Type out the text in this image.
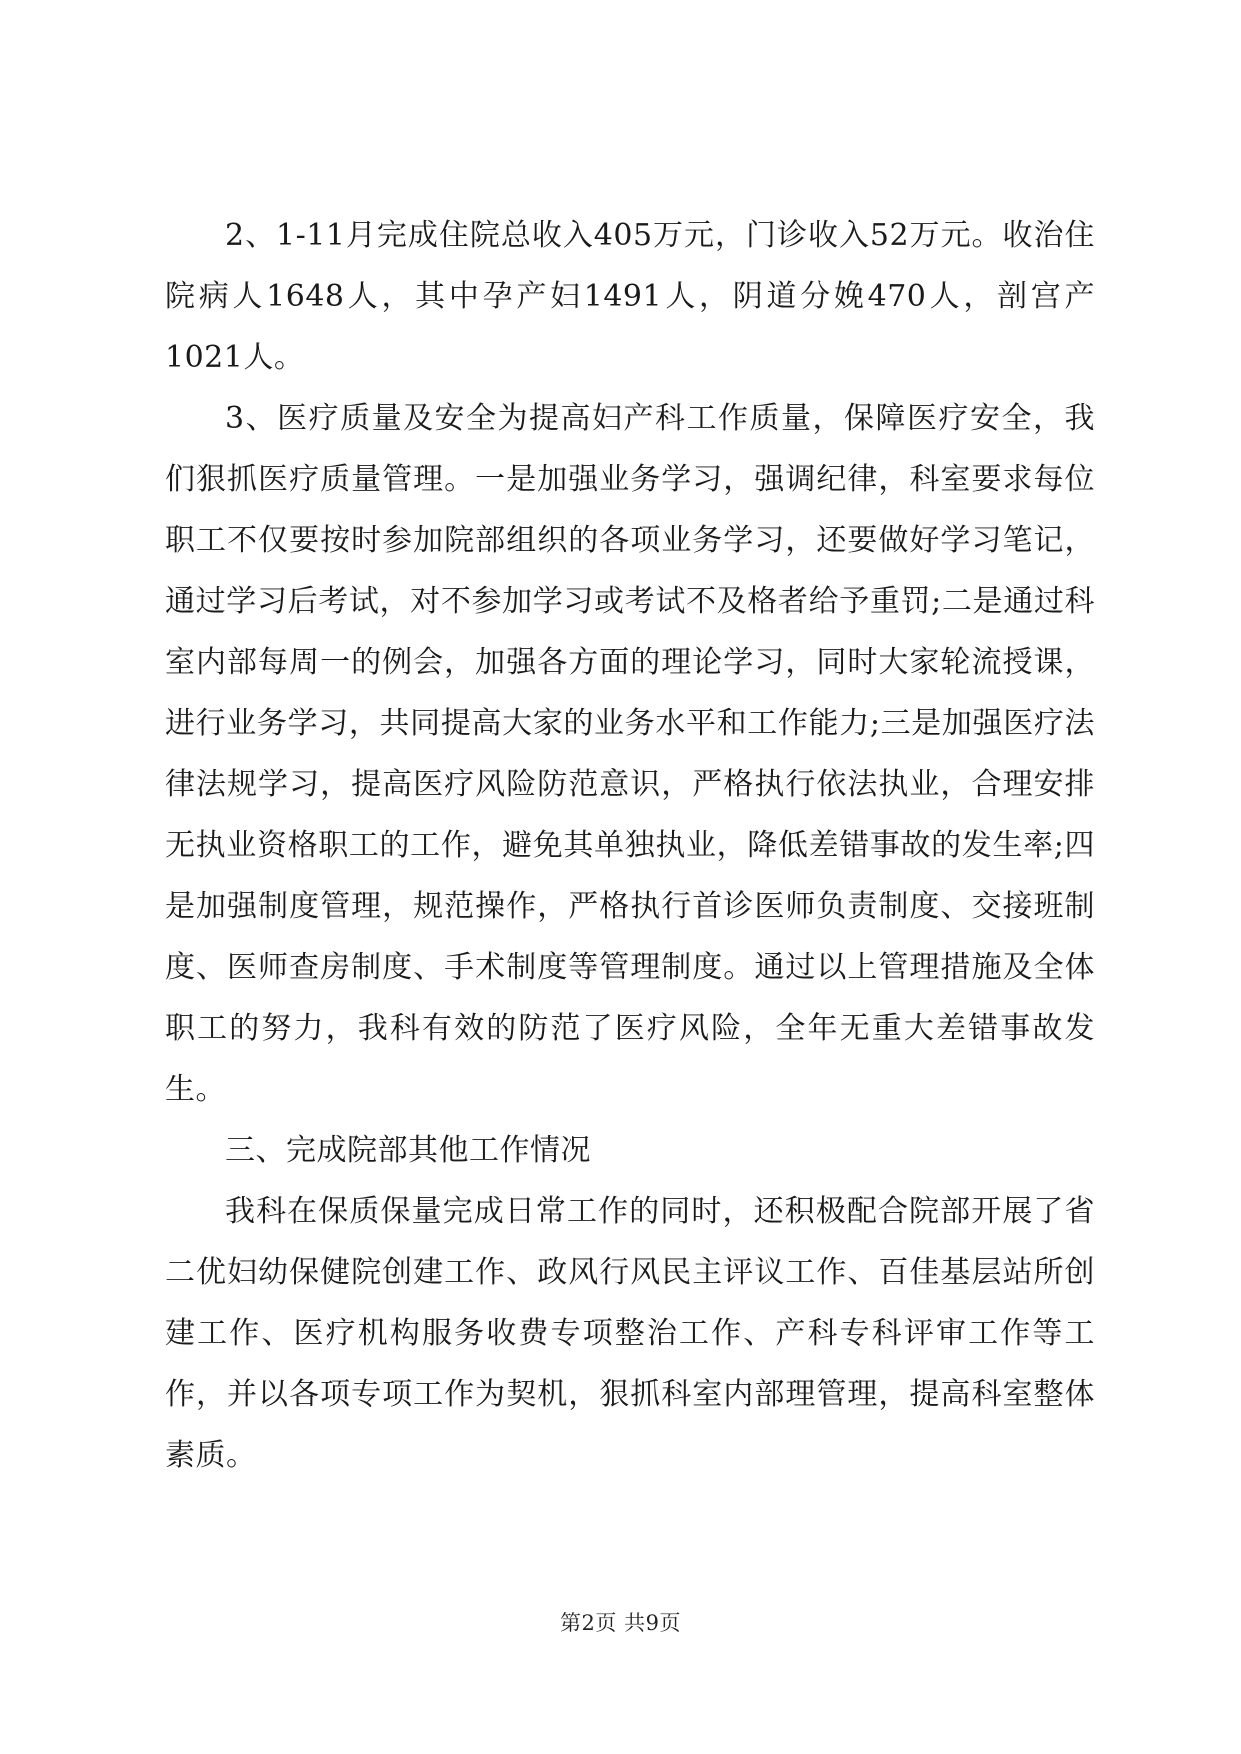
2、1-11月完成住院总收入405万元，门诊收入52万元。收治住院病人1648人，其中孕产妇1491人，阴道分娩470人，剖宫产1021人。

3、医疗质量及安全为提高妇产科工作质量，保障医疗安全，我们狠抓医疗质量管理。一是加强业务学习，强调纪律，科室要求每位职工不仅要按时参加院部组织的各项业务学习，还要做好学习笔记，通过学习后考试，对不参加学习或考试不及格者给予重罚;二是通过科室内部每周一的例会，加强各方面的理论学习，同时大家轮流授课，进行业务学习，共同提高大家的业务水平和工作能力;三是加强医疗法律法规学习，提高医疗风险防范意识，严格执行依法执业，合理安排无执业资格职工的工作，避免其单独执业，降低差错事故的发生率;四是加强制度管理，规范操作，严格执行首诊医师负责制度、交接班制度、医师查房制度、手术制度等管理制度。通过以上管理措施及全体职工的努力，我科有效的防范了医疗风险，全年无重大差错事故发生。

三、完成院部其他工作情况

我科在保质保量完成日常工作的同时，还积极配合院部开展了省二优妇幼保健院创建工作、政风行风民主评议工作、百佳基层站所创建工作、医疗机构服务收费专项整治工作、产科专科评审工作等工作，并以各项专项工作为契机，狠抓科室内部理管理，提高科室整体素质。

第2页 共9页
